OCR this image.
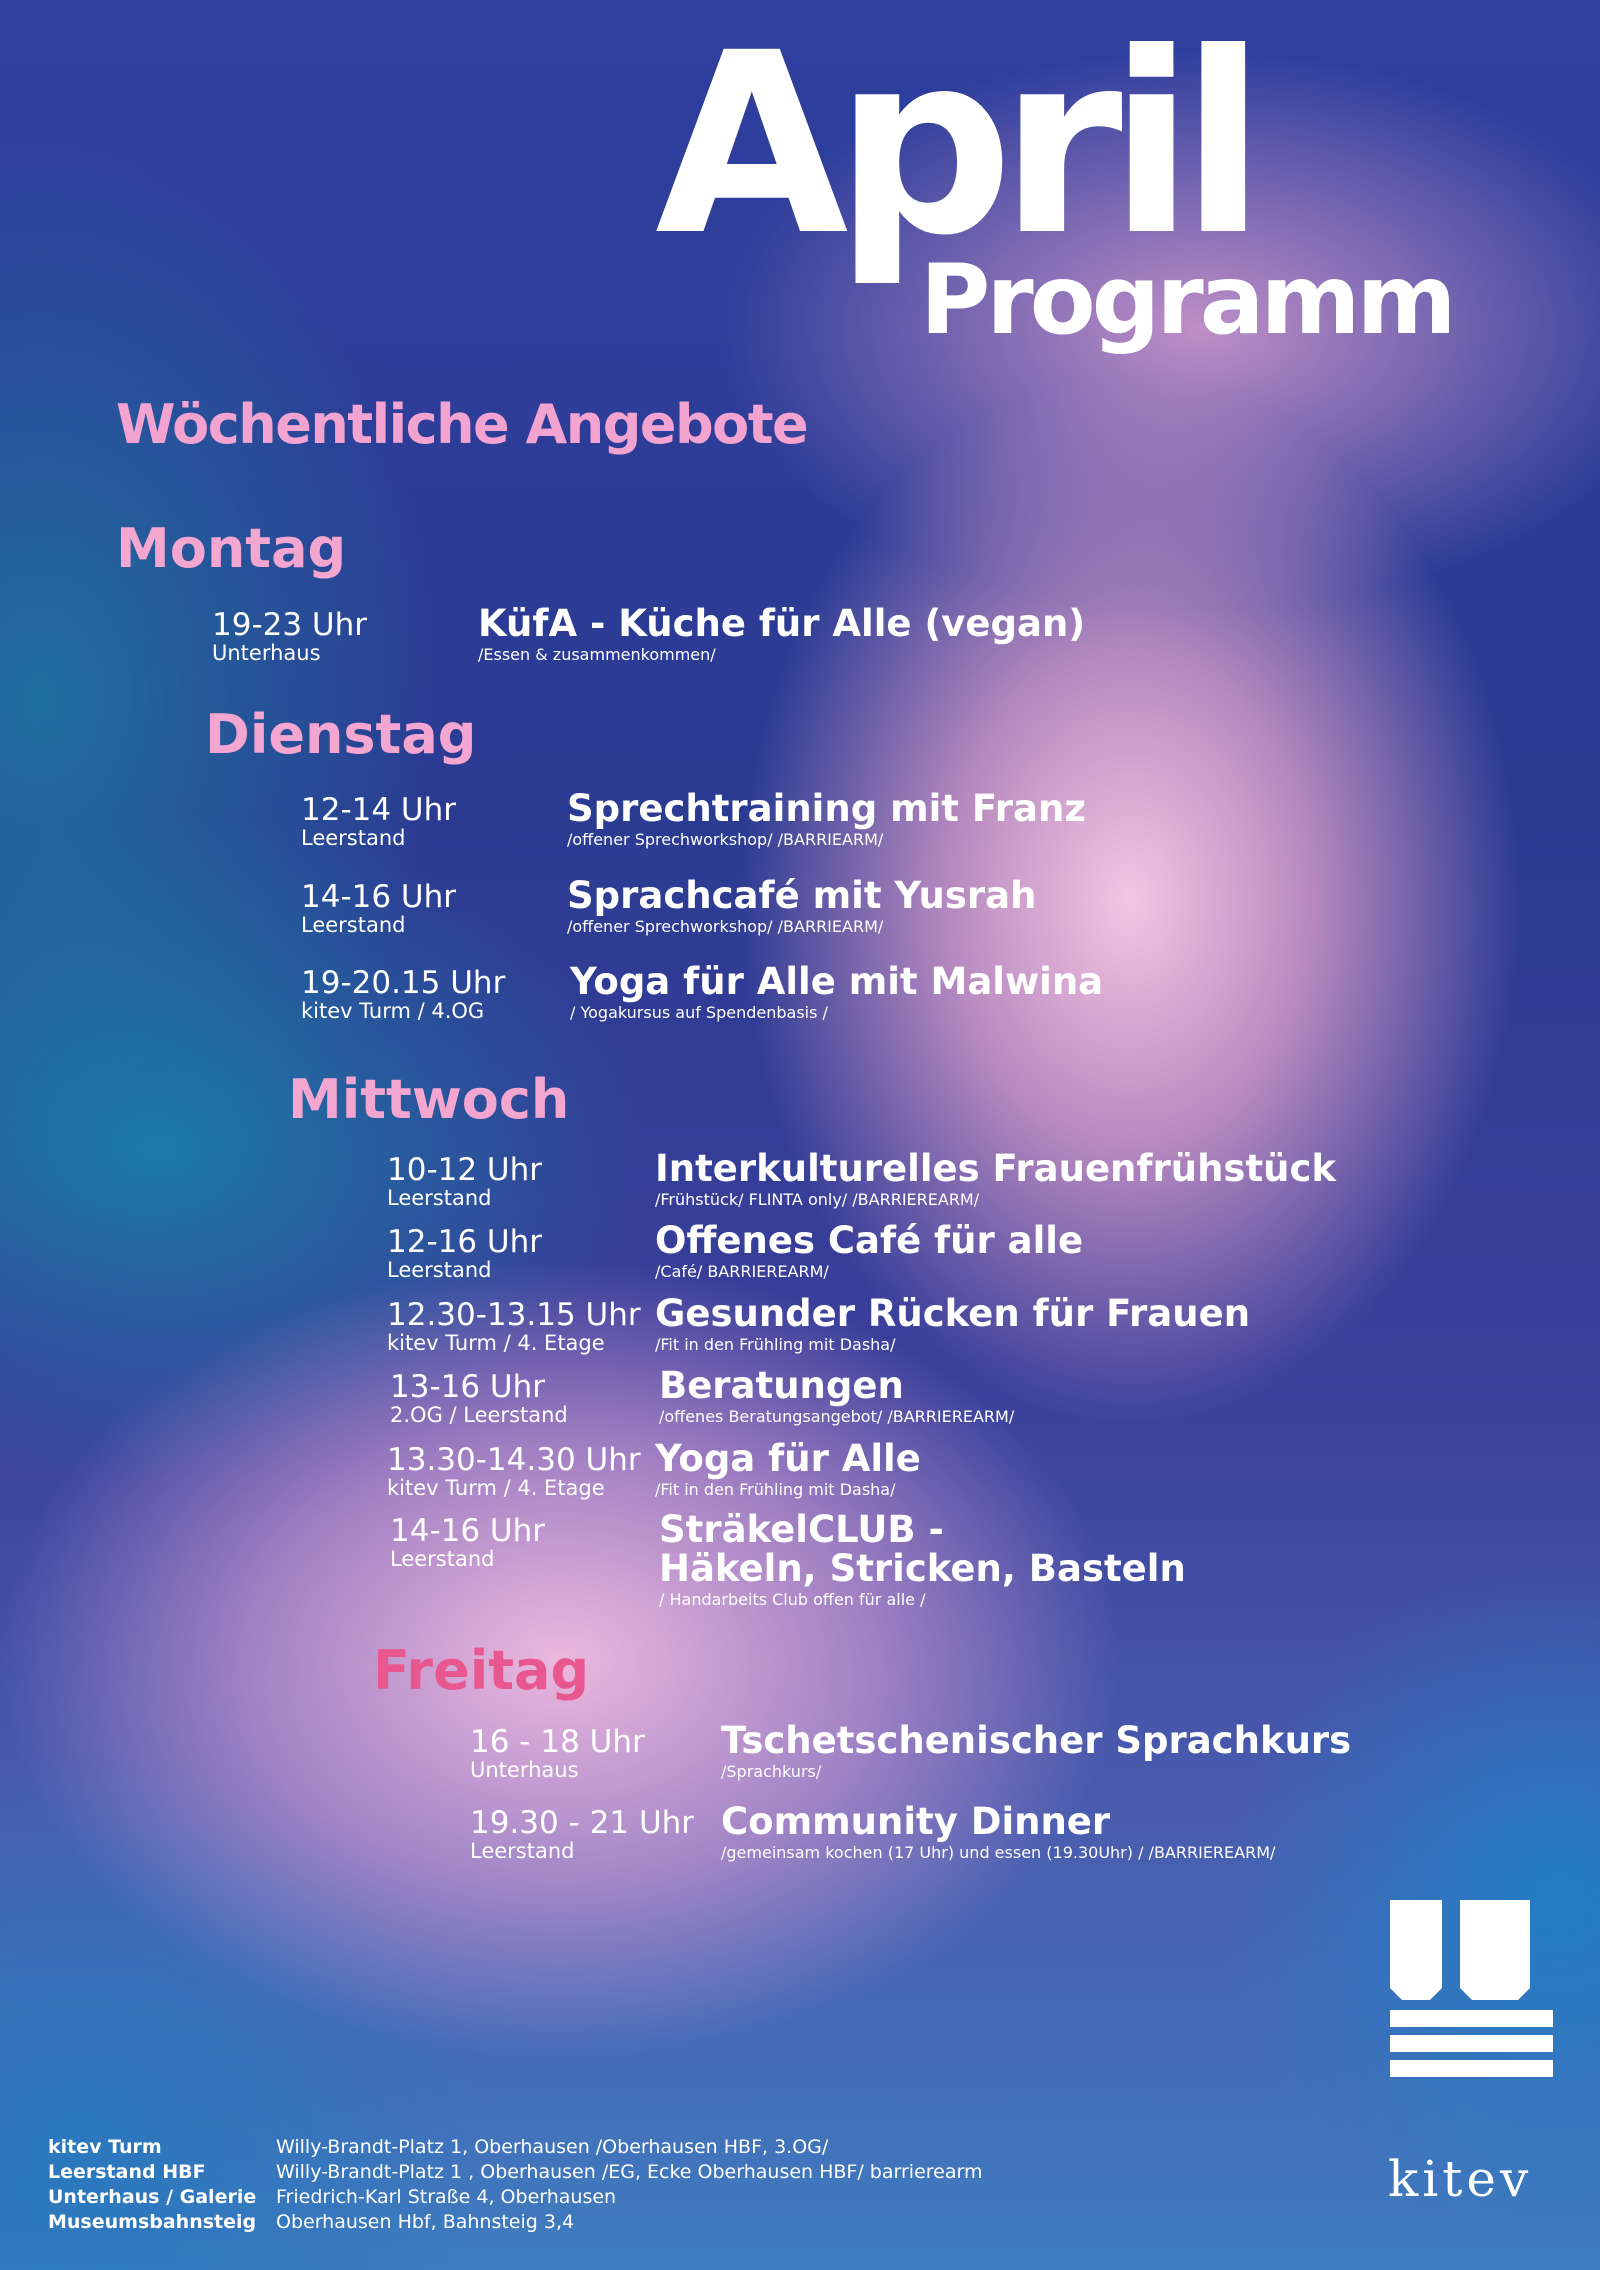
April
Programm
Wöchentliche Angebote
Montag
19-23 Uhr
Unterhaus
KüfA - Küche für Alle (vegan)
/Essen & zusammenkommen/
Dienstag
12-14 Uhr
Leerstand
Sprechtraining mit Franz
/offener Sprechworkshop/ /BARRIEARM/
14-16 Uhr
Leerstand
Sprachcafé mit Yusrah
/offener Sprechworkshop/ /BARRIEARM/
19-20.15 Uhr
kitev Turm / 4.OG
Yoga für Alle mit Malwina
/ Yogakursus auf Spendenbasis /
Mittwoch
10-12 Uhr
Leerstand
Interkulturelles Frauenfrühstück
/Frühstück/ FLINTA only/ /BARRIEREARM/
12-16 Uhr
Leerstand
Offenes Café für alle
/Café/ BARRIEREARM/
12.30-13.15 Uhr
kitev Turm / 4. Etage
Gesunder Rücken für Frauen
/Fit in den Frühling mit Dasha/
13-16 Uhr
2.OG / Leerstand
Beratungen
/offenes Beratungsangebot/ /BARRIEREARM/
13.30-14.30 Uhr
kitev Turm / 4. Etage
Yoga für Alle
/Fit in den Frühling mit Dasha/
14-16 Uhr
Leerstand
SträkelCLUB -
Häkeln, Stricken, Basteln
/ Handarbeits Club offen für alle /
Freitag
16 - 18 Uhr
Unterhaus
Tschetschenischer Sprachkurs
/Sprachkurs/
19.30 - 21 Uhr
Leerstand
Community Dinner
/gemeinsam kochen (17 Uhr) und essen (19.30Uhr) / /BARRIEREARM/
kitev
kitev Turm	Willy-Brandt-Platz 1, Oberhausen /Oberhausen HBF, 3.OG/
Leerstand HBF	Willy-Brandt-Platz 1 , Oberhausen /EG, Ecke Oberhausen HBF/ barrierearm
Unterhaus / Galerie Friedrich-Karl Straße 4, Oberhausen
Museumsbahnsteig Oberhausen Hbf, Bahnsteig 3,4
